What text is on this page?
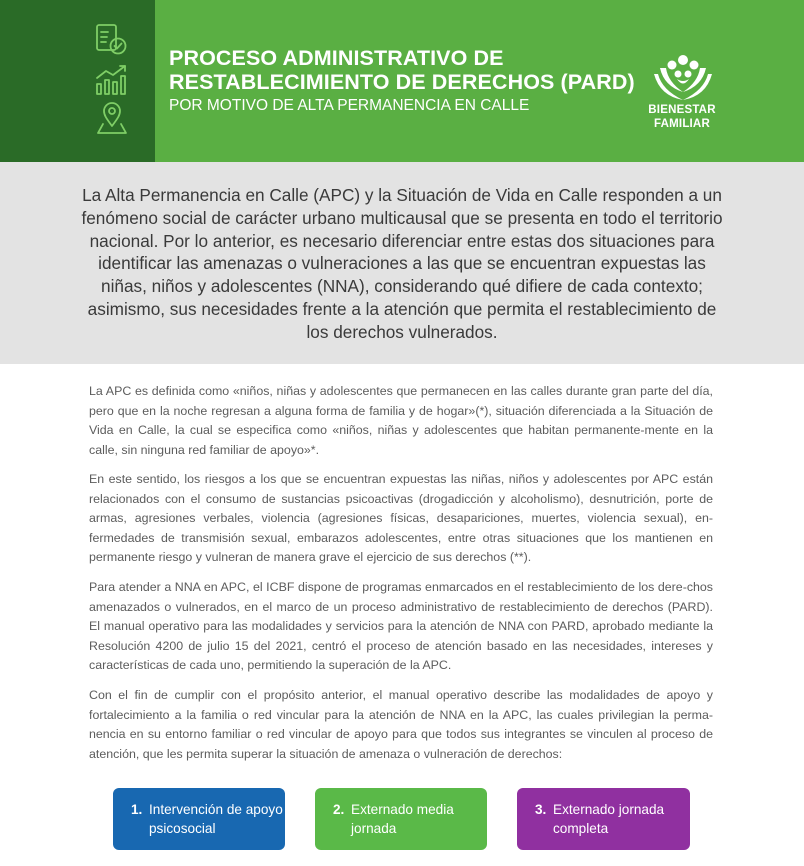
PROCESO ADMINISTRATIVO DE RESTABLECIMIENTO DE DERECHOS (PARD)
POR MOTIVO DE ALTA PERMANENCIA EN CALLE	BIENESTAR
FAMILIAR

La Alta Permanencia en Calle (APC) y la Situación de Vida en Calle responden a un fenómeno social de carácter urbano multicausal que se presenta en todo el territorio nacional. Por lo anterior, es necesario diferenciar entre estas dos situaciones para identificar las amenazas o vulneraciones a las que se encuentran expuestas las niñas, niños y adolescentes (NNA), considerando qué difiere de cada contexto; asimismo, sus necesidades frente a la atención que permita el restablecimiento de los derechos vulnerados.

La APC es definida como «niños, niñas y adolescentes que permanecen en las calles durante gran parte del día, pero que en la noche regresan a alguna forma de familia y de hogar»(*), situación diferenciada a la Situación de Vida en Calle, la cual se especifica como «niños, niñas y adolescentes que habitan permanente-mente en la calle, sin ninguna red familiar de apoyo»*.

En este sentido, los riesgos a los que se encuentran expuestas las niñas, niños y adolescentes por APC están relacionados con el consumo de sustancias psicoactivas (drogadicción y alcoholismo), desnutrición, porte de armas, agresiones verbales, violencia (agresiones físicas, desapariciones, muertes, violencia sexual), en-fermedades de transmisión sexual, embarazos adolescentes, entre otras situaciones que los mantienen en permanente riesgo y vulneran de manera grave el ejercicio de sus derechos (**).

Para atender a NNA en APC, el ICBF dispone de programas enmarcados en el restablecimiento de los dere-chos amenazados o vulnerados, en el marco de un proceso administrativo de restablecimiento de derechos (PARD). El manual operativo para las modalidades y servicios para la atención de NNA con PARD, aprobado mediante la Resolución 4200 de julio 15 del 2021, centró el proceso de atención basado en las necesidades, intereses y características de cada uno, permitiendo la superación de la APC.

Con el fin de cumplir con el propósito anterior, el manual operativo describe las modalidades de apoyo y fortalecimiento a la familia o red vincular para la atención de NNA en la APC, las cuales privilegian la perma-nencia en su entorno familiar o red vincular de apoyo para que todos sus integrantes se vinculen al proceso de atención, que les permita superar la situación de amenaza o vulneración de derechos:

1. Intervención de apoyo psicosocial
2. Externado media jornada
3. Externado jornada completa
